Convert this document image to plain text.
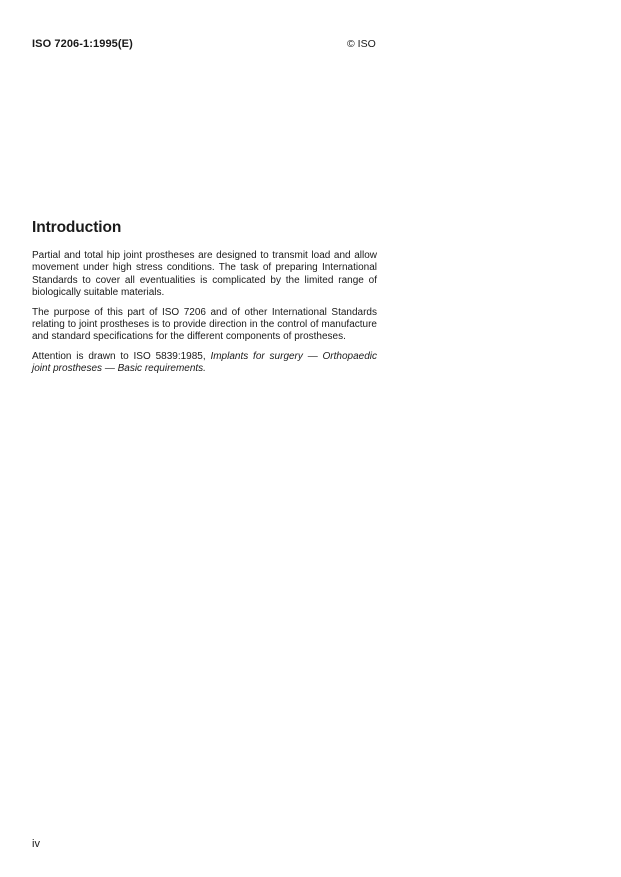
ISO 7206-1:1995(E)	© ISO
Introduction

Partial and total hip joint prostheses are designed to transmit load and allow movement under high stress conditions. The task of preparing International Standards to cover all eventualities is complicated by the limited range of biologically suitable materials.

The purpose of this part of ISO 7206 and of other International Standards relating to joint prostheses is to provide direction in the control of manufacture and standard specifications for the different components of prostheses.

Attention is drawn to ISO 5839:1985, Implants for surgery — Orthopaedic joint prostheses — Basic requirements.

iv
